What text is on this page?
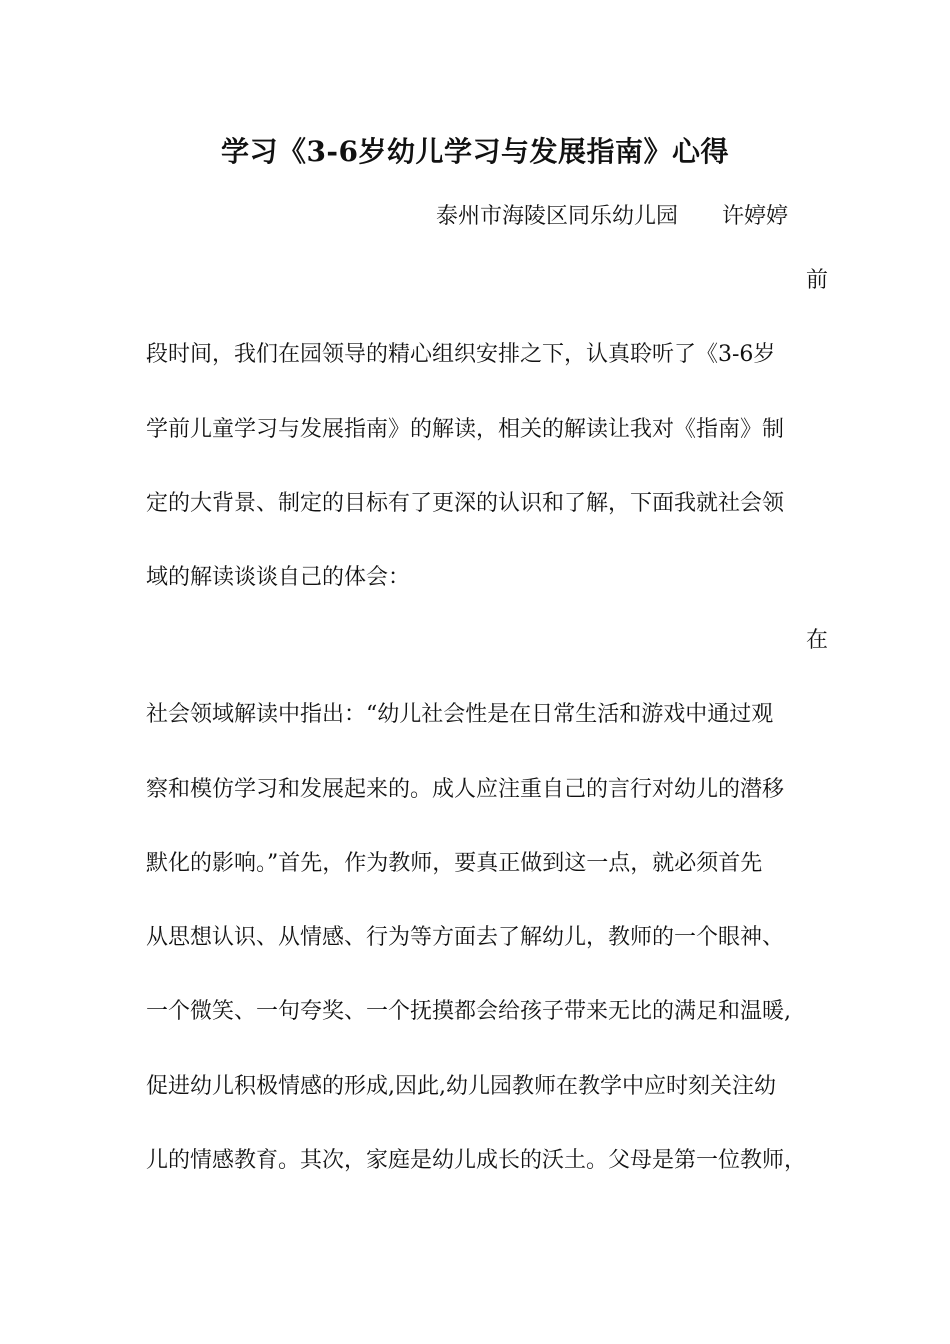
学习《3-6岁幼儿学习与发展指南》心得
泰州市海陵区同乐幼儿园　　许婷婷
前
段时间，我们在园领导的精心组织安排之下，认真聆听了《3-6岁
学前儿童学习与发展指南》的解读，相关的解读让我对《指南》制
定的大背景、制定的目标有了更深的认识和了解，下面我就社会领
域的解读谈谈自己的体会：
在
社会领域解读中指出：“幼儿社会性是在日常生活和游戏中通过观
察和模仿学习和发展起来的。成人应注重自己的言行对幼儿的潜移
默化的影响。”首先，作为教师，要真正做到这一点，就必须首先
从思想认识、从情感、行为等方面去了解幼儿，教师的一个眼神、
一个微笑、一句夸奖、一个抚摸都会给孩子带来无比的满足和温暖,
促进幼儿积极情感的形成,因此,幼儿园教师在教学中应时刻关注幼
儿的情感教育。其次，家庭是幼儿成长的沃土。父母是第一位教师，
